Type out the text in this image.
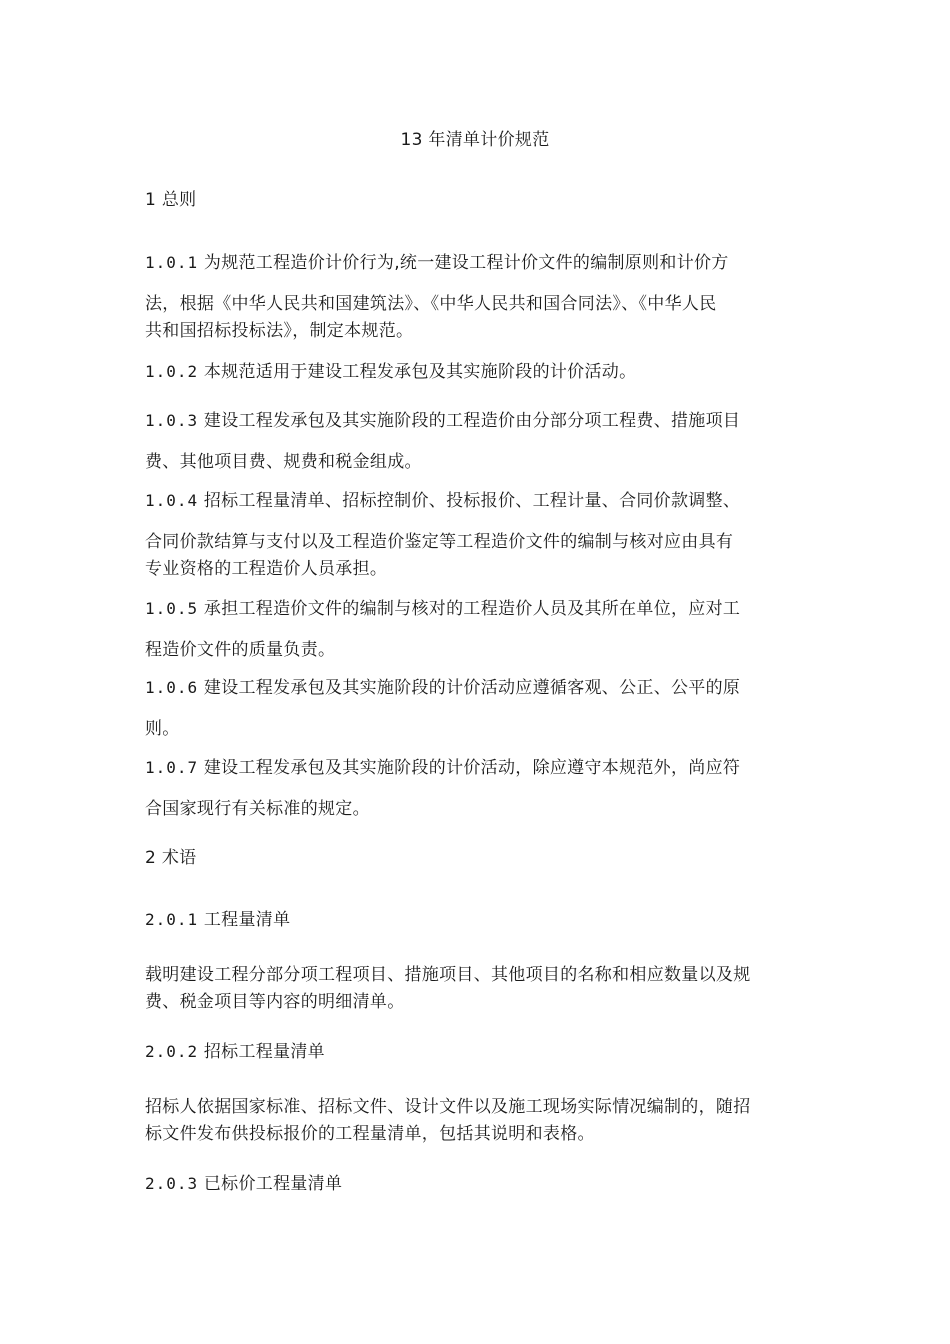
13 年清单计价规范
1 总则
1.0.1 为规范工程造价计价行为,统一建设工程计价文件的编制原则和计价方
法，根据《中华人民共和国建筑法》、《中华人民共和国合同法》、《中华人民
共和国招标投标法》，制定本规范。
1.0.2 本规范适用于建设工程发承包及其实施阶段的计价活动。
1.0.3 建设工程发承包及其实施阶段的工程造价由分部分项工程费、措施项目
费、其他项目费、规费和税金组成。
1.0.4 招标工程量清单、招标控制价、投标报价、工程计量、合同价款调整、
合同价款结算与支付以及工程造价鉴定等工程造价文件的编制与核对应由具有
专业资格的工程造价人员承担。
1.0.5 承担工程造价文件的编制与核对的工程造价人员及其所在单位，应对工
程造价文件的质量负责。
1.0.6 建设工程发承包及其实施阶段的计价活动应遵循客观、公正、公平的原
则。
1.0.7 建设工程发承包及其实施阶段的计价活动，除应遵守本规范外，尚应符
合国家现行有关标准的规定。
2 术语
2.0.1 工程量清单
载明建设工程分部分项工程项目、措施项目、其他项目的名称和相应数量以及规
费、税金项目等内容的明细清单。
2.0.2 招标工程量清单
招标人依据国家标准、招标文件、设计文件以及施工现场实际情况编制的，随招
标文件发布供投标报价的工程量清单，包括其说明和表格。
2.0.3 已标价工程量清单
